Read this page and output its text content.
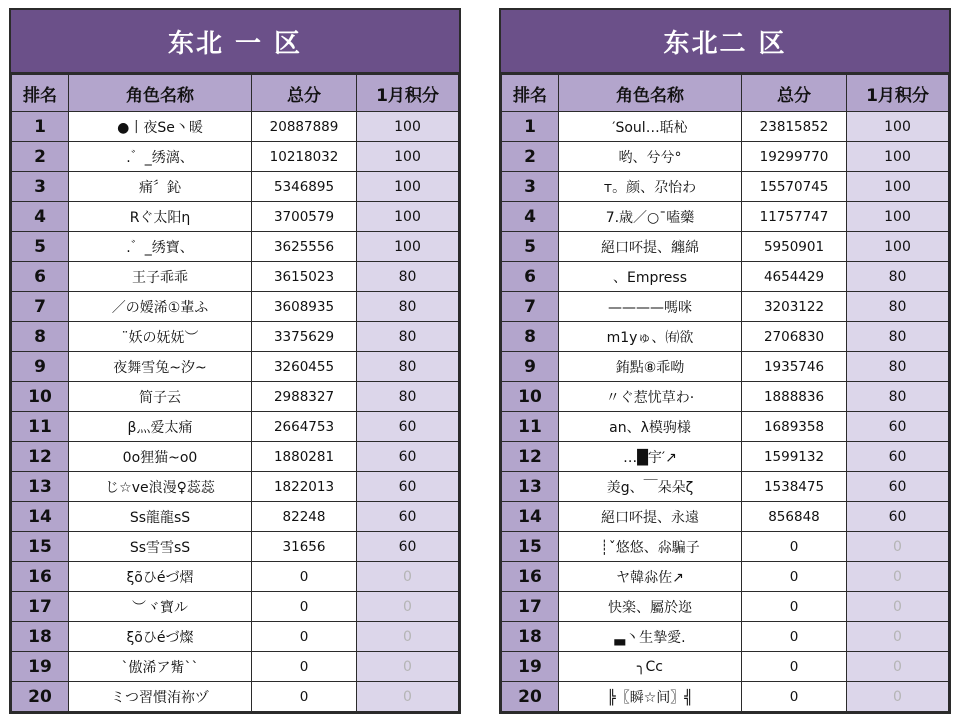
东北 一 区
排名	角色名称	总分	1月积分
1	●丨夜Se丶暖	20887889	100
2	.゛_绣漓、	10218032	100
3	痛〞鈊	5346895	100
4	Rぐ太阳η	3700579	100
5	.゛_绣寶、	3625556	100
6	王子乖乖	3615023	80
7	／の嫒浠①輩ふ	3608935	80
8	¨妖の妩妩︶	3375629	80
9	夜舞雪兔~汐~	3260455	80
10	简子云	2988327	80
11	β灬爱太痛	2664753	60
12	0o狸猫~o0	1880281	60
13	じ☆ve浪漫♀蕊蕊	1822013	60
14	Ss龍龍sS	82248	60
15	Ss雪雪sS	31656	60
16	ξõひéづ熠	0	0
17	︶ヾ寶ル	0	0
18	ξõひéづ燦	0	0
19	`傲浠ア觜``	0	0
20	ミつ習慣洧祢ヅ	0	0
东北二 区
排名	角色名称	总分	1月积分
1	′Soul…聒杺	23815852	100
2	哟、兮兮°	19299770	100
3	т。颜、尕怡わ	15570745	100
4	7.歳／○¯嗑藥	11757747	100
5	絕口吥提、纏綿	5950901	100
6	、Empress	4654429	80
7	————嗎咪	3203122	80
8	m1yゅ、㈲欲	2706830	80
9	銪點⑧乖呦	1935746	80
10	〃ぐ惹忧草わ·	1888836	80
11	an、λ模驹様	1689358	60
12	…█宇′↗	1599132	60
13	羙g、￣朵朵ζ	1538475	60
14	絕口吥提、永遠	856848	60
15	┊ˇ悠悠、尛騙子	0	0
16	ヤ韓尛佐↗	0	0
17	快楽、屬於迩	0	0
18	▃丶生摯愛.	0	0
19	╮Cc	0	0
20	╠〖瞬☆间〗╣	0	0
